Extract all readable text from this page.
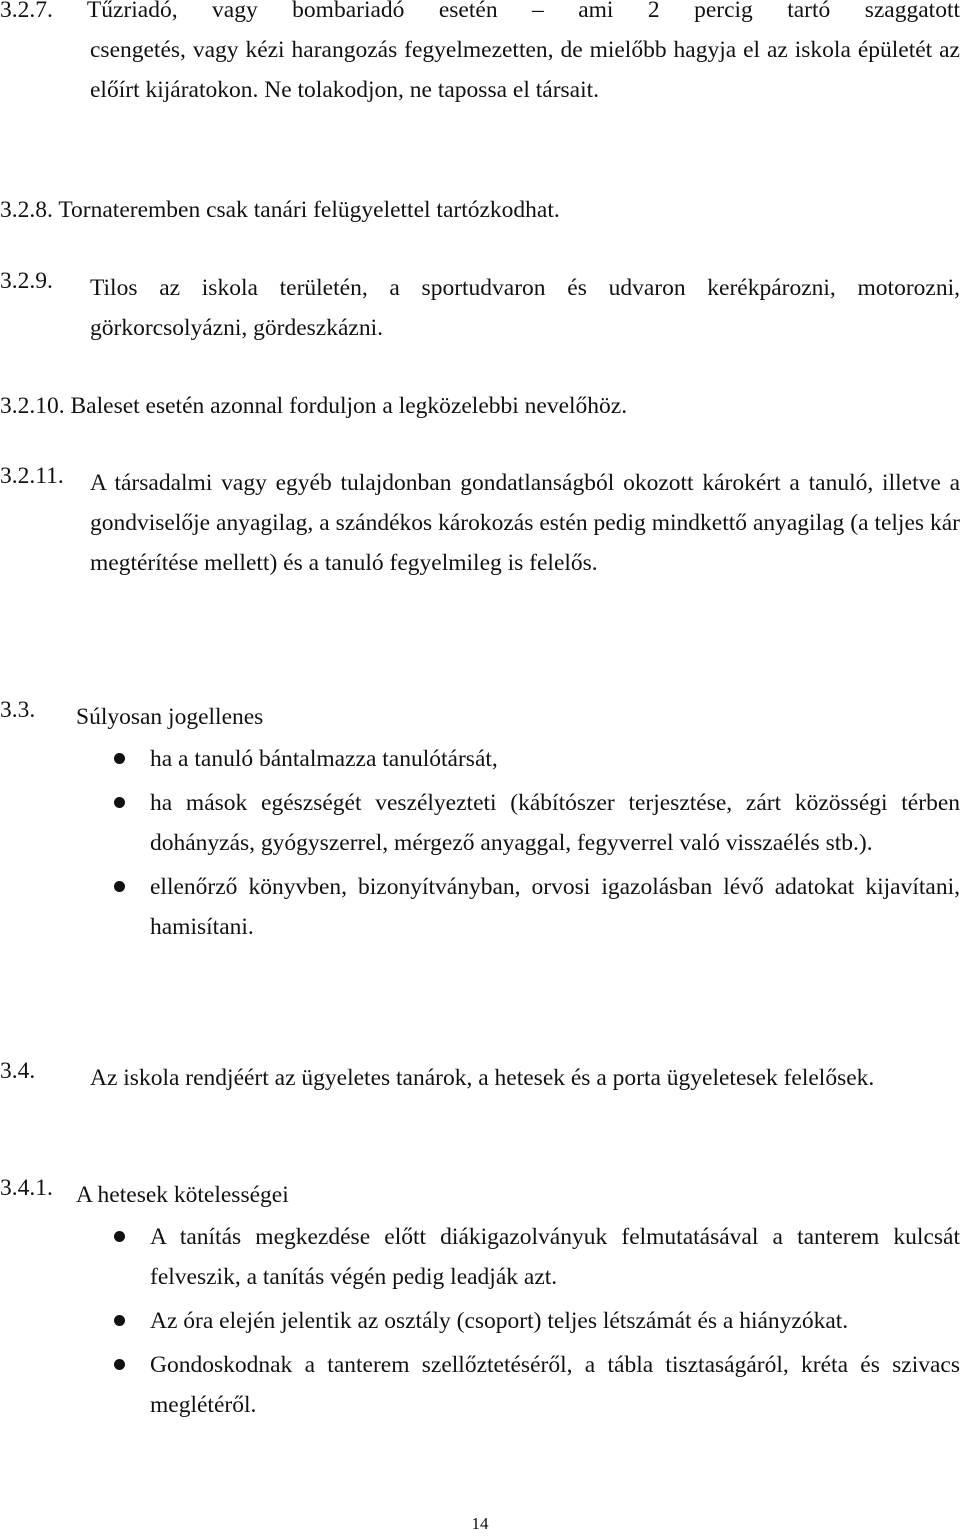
3.2.7. Tűzriadó, vagy bombariadó esetén – ami 2 percig tartó szaggatott

csengetés, vagy kézi harangozás fegyelmezetten, de mielőbb hagyja el az iskola épületét az előírt kijáratokon. Ne tolakodjon, ne tapossa el társait.

3.2.8. Tornateremben csak tanári felügyelettel tartózkodhat.

3.2.9. Tilos az iskola területén, a sportudvaron és udvaron kerékpározni, motorozni, görkorcsolyázni, gördeszkázni.

3.2.10. Baleset esetén azonnal forduljon a legközelebbi nevelőhöz.

3.2.11. A társadalmi vagy egyéb tulajdonban gondatlanságból okozott károkért a tanuló, illetve a gondviselője anyagilag, a szándékos károkozás estén pedig mindkettő anyagilag (a teljes kár megtérítése mellett) és a tanuló fegyelmileg is felelős.
3.3. Súlyosan jogellenes
ha a tanuló bántalmazza tanulótársát,
ha mások egészségét veszélyezteti (kábítószer terjesztése, zárt közösségi térben dohányzás, gyógyszerrel, mérgező anyaggal, fegyverrel való visszaélés stb.).
ellenőrző könyvben, bizonyítványban, orvosi igazolásban lévő adatokat kijavítani, hamisítani.
3.4. Az iskola rendjéért az ügyeletes tanárok, a hetesek és a porta ügyeletesek felelősek.
3.4.1. A hetesek kötelességei
A tanítás megkezdése előtt diákigazolványuk felmutatásával a tanterem kulcsát felveszik, a tanítás végén pedig leadják azt.
Az óra elején jelentik az osztály (csoport) teljes létszámát és a hiányzókat.
Gondoskodnak a tanterem szellőztetéséről, a tábla tisztaságáról, kréta és szivacs meglétéről.
14
